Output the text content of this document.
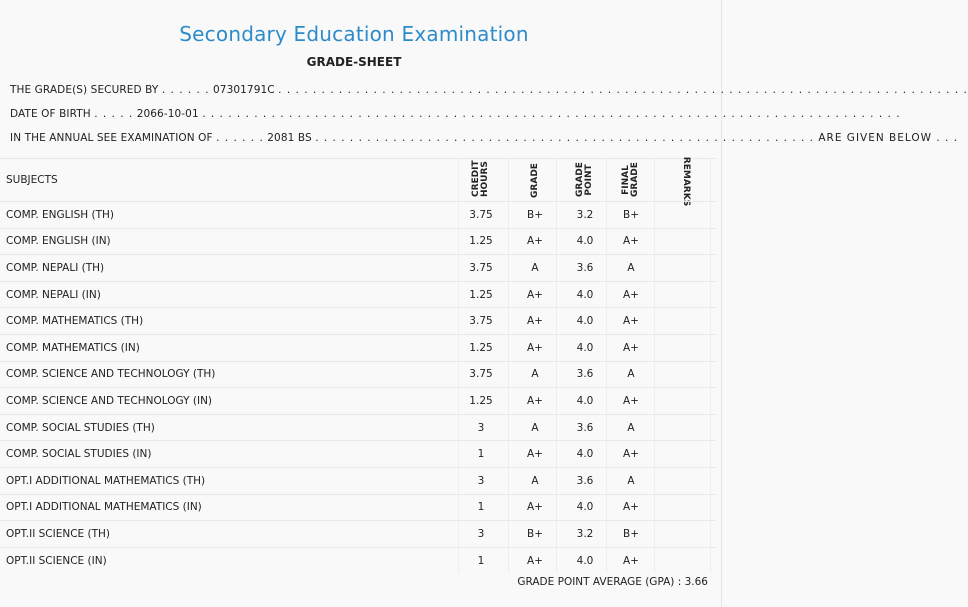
Secondary Education Examination
GRADE-SHEET
THE GRADE(S) SECURED BY . . . . . . 07301791C . . . . . . . . . . . . . . . . . . . . . . . . . . . . . . . . . . . . . . . . . . . . . . . . . . . . . . . . . . . . . . . . . . . . . . . . . . . . . . . .
DATE OF BIRTH . . . . . 2066-10-01 . . . . . . . . . . . . . . . . . . . . . . . . . . . . . . . . . . . . . . . . . . . . . . . . . . . . . . . . . . . . . . . . . . . . . . . . . . . . . . . . .
IN THE ANNUAL SEE EXAMINATION OF . . . . . . 2081 BS . . . . . . . . . . . . . . . . . . . . . . . . . . . . . . . . . . . . . . . . . . . . . . . . . . . . . . . . . . ARE GIVEN BELOW . . .
SUBJECTS	CREDIT HOURS	GRADE	GRADE POINT	FINAL GRADE	REMARKS
COMP. ENGLISH (TH)	3.75	B+	3.2	B+
COMP. ENGLISH (IN)	1.25	A+	4.0	A+
COMP. NEPALI (TH)	3.75	A	3.6	A
COMP. NEPALI (IN)	1.25	A+	4.0	A+
COMP. MATHEMATICS (TH)	3.75	A+	4.0	A+
COMP. MATHEMATICS (IN)	1.25	A+	4.0	A+
COMP. SCIENCE AND TECHNOLOGY (TH)	3.75	A	3.6	A
COMP. SCIENCE AND TECHNOLOGY (IN)	1.25	A+	4.0	A+
COMP. SOCIAL STUDIES (TH)	3	A	3.6	A
COMP. SOCIAL STUDIES (IN)	1	A+	4.0	A+
OPT.I ADDITIONAL MATHEMATICS (TH)	3	A	3.6	A
OPT.I ADDITIONAL MATHEMATICS (IN)	1	A+	4.0	A+
OPT.II SCIENCE (TH)	3	B+	3.2	B+
OPT.II SCIENCE (IN)	1	A+	4.0	A+
GRADE POINT AVERAGE (GPA) : 3.66
